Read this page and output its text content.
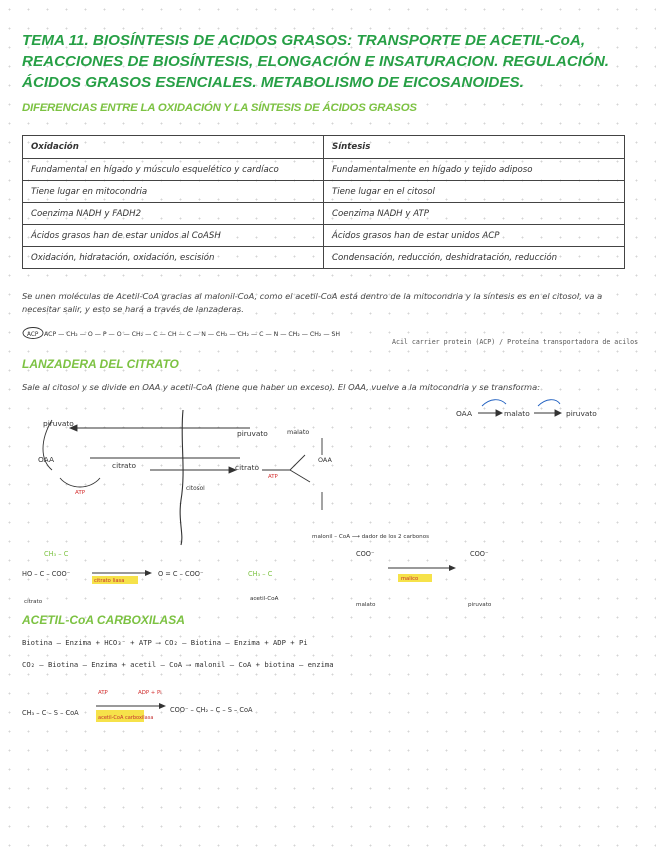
TEMA 11. BIOSÍNTESIS DE ACIDOS GRASOS: TRANSPORTE DE ACETIL-CoA,
REACCIONES DE BIOSÍNTESIS, ELONGACIÓN E INSATURACION. REGULACIÓN.
ÁCIDOS GRASOS ESENCIALES. METABOLISMO DE EICOSANOIDES.
DIFERENCIAS ENTRE LA OXIDACIÓN Y LA SÍNTESIS DE ÁCIDOS GRASOS
Oxidación	Síntesis
Fundamental en hígado y músculo esquelético y cardíaco	Fundamentalmente en hígado y tejido adiposo
Tiene lugar en mitocondria	Tiene lugar en el citosol
Coenzima NADH y FADH2	Coenzima NADH y ATP
Ácidos grasos han de estar unidos al CoASH	Ácidos grasos han de estar unidos ACP
Oxidación, hidratación, oxidación, escisión	Condensación, reducción, deshidratación, reducción

Se unen moléculas de Acetil-CoA gracias al malonil-CoA, como el acetil-CoA está dentro de la mitocondria y la síntesis es en el citosol, va a necesitar salir, y esto se hará a través de lanzaderas.

ACP ACP — CH₂ — O — P — O — CH₂ — C — CH — C — N — CH₂ — CH₂ — C — N — CH₂ — CH₂ — SH
piruvato
OAA
citrato
ATP
citosol
piruvato	malato
citrato
OAA
ATP
malonil – CoA ⟶ dador de los 2 carbonos
OAA	malato	piruvato
HO – C – COO⁻
CH₃ – C
citrato
citrato liasa
O = C – COO⁻	CH₃ – C
acetil-CoA
COO⁻
malico
malato
COO⁻
piruvato
CH₃ – C – S – CoA
ATP	ADP + Pi
acetil-CoA carboxilasa
COO⁻ – CH₂ – C – S – CoA

Acil carrier protein (ACP) / Proteína transportadora de acilos

LANZADERA DEL CITRATO

Sale al citosol y se divide en OAA y acetil-CoA (tiene que haber un exceso). El OAA, vuelve a la mitocondria y se transforma:

ACETIL-CoA CARBOXILASA

Biotina – Enzima + HCO₃⁻ + ATP ⟶ CO₂ – Biotina – Enzima + ADP + Pi

CO₂ – Biotina – Enzima + acetil – CoA ⟶ malonil – CoA + biotina – enzima
